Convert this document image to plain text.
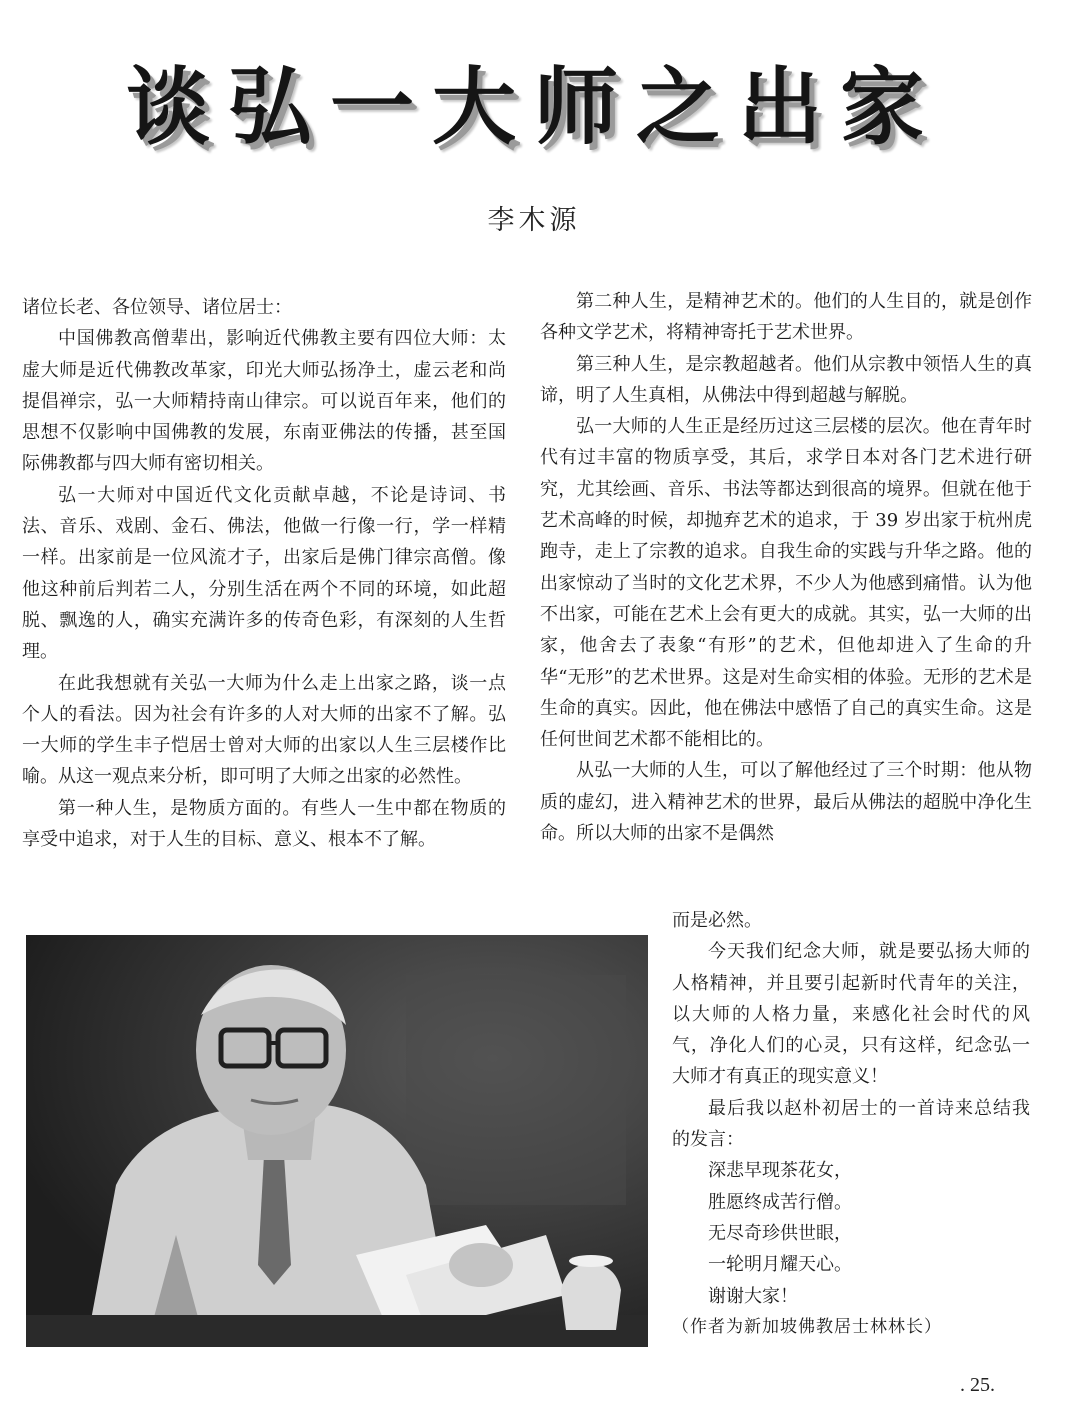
谈弘一大师之出家
李木源

诸位长老、各位领导、诸位居士：

中国佛教高僧辈出，影响近代佛教主要有四位大师：太虚大师是近代佛教改革家，印光大师弘扬净土，虚云老和尚提倡禅宗，弘一大师精持南山律宗。可以说百年来，他们的思想不仅影响中国佛教的发展，东南亚佛法的传播，甚至国际佛教都与四大师有密切相关。

弘一大师对中国近代文化贡献卓越，不论是诗词、书法、音乐、戏剧、金石、佛法，他做一行像一行，学一样精一样。出家前是一位风流才子，出家后是佛门律宗高僧。像他这种前后判若二人，分别生活在两个不同的环境，如此超脱、飘逸的人，确实充满许多的传奇色彩，有深刻的人生哲理。

在此我想就有关弘一大师为什么走上出家之路，谈一点个人的看法。因为社会有许多的人对大师的出家不了解。弘一大师的学生丰子恺居士曾对大师的出家以人生三层楼作比喻。从这一观点来分析，即可明了大师之出家的必然性。

第一种人生，是物质方面的。有些人一生中都在物质的享受中追求，对于人生的目标、意义、根本不了解。

第二种人生，是精神艺术的。他们的人生目的，就是创作各种文学艺术，将精神寄托于艺术世界。

第三种人生，是宗教超越者。他们从宗教中领悟人生的真谛，明了人生真相，从佛法中得到超越与解脱。

弘一大师的人生正是经历过这三层楼的层次。他在青年时代有过丰富的物质享受，其后，求学日本对各门艺术进行研究，尤其绘画、音乐、书法等都达到很高的境界。但就在他于艺术高峰的时候，却抛弃艺术的追求，于 39 岁出家于杭州虎跑寺，走上了宗教的追求。自我生命的实践与升华之路。他的出家惊动了当时的文化艺术界，不少人为他感到痛惜。认为他不出家，可能在艺术上会有更大的成就。其实，弘一大师的出家，他舍去了表象“有形”的艺术，但他却进入了生命的升华“无形”的艺术世界。这是对生命实相的体验。无形的艺术是生命的真实。因此，他在佛法中感悟了自己的真实生命。这是任何世间艺术都不能相比的。

从弘一大师的人生，可以了解他经过了三个时期：他从物质的虚幻，进入精神艺术的世界，最后从佛法的超脱中净化生命。所以大师的出家不是偶然

而是必然。

今天我们纪念大师，就是要弘扬大师的人格精神，并且要引起新时代青年的关注，以大师的人格力量，来感化社会时代的风气，净化人们的心灵，只有这样，纪念弘一大师才有真正的现实意义！

最后我以赵朴初居士的一首诗来总结我的发言：

深悲早现茶花女，

胜愿终成苦行僧。

无尽奇珍供世眼，

一轮明月耀天心。

谢谢大家！

（作者为新加坡佛教居士林林长）

. 25.
